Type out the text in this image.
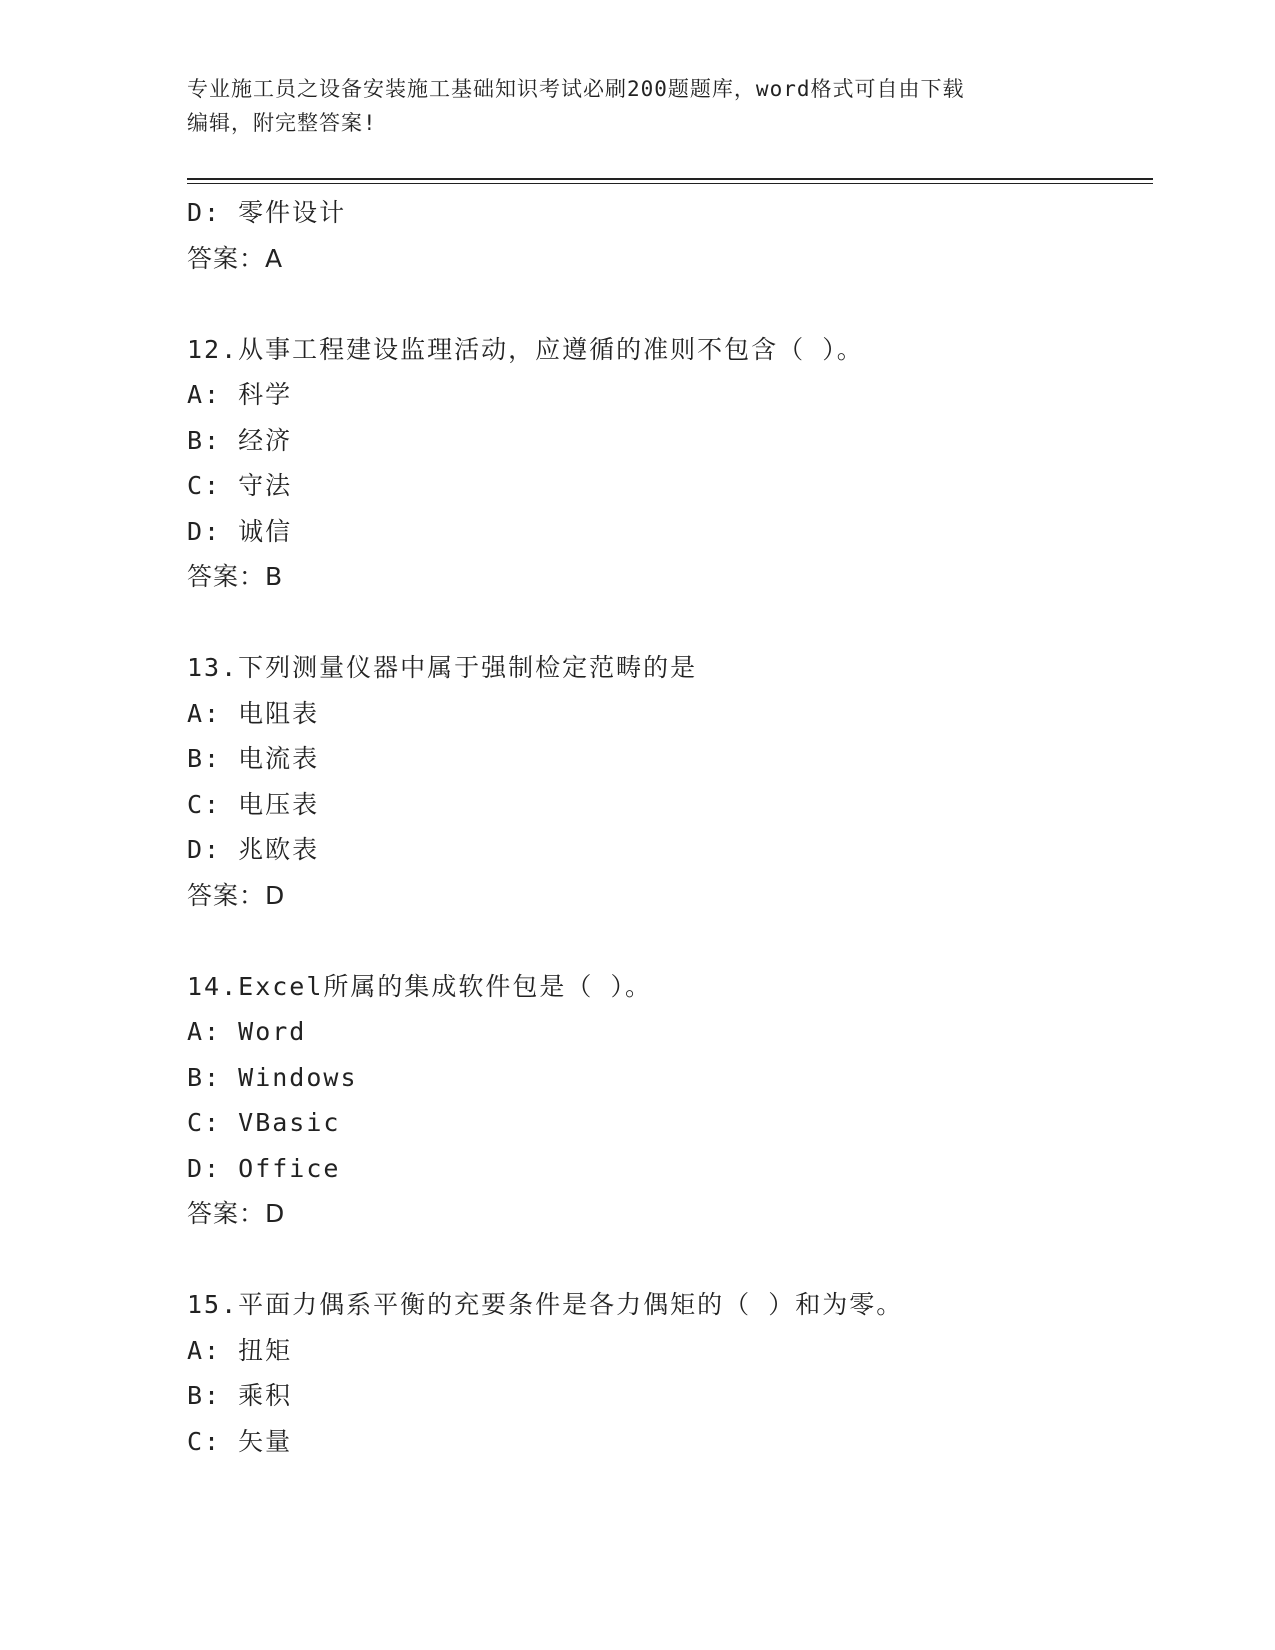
专业施工员之设备安装施工基础知识考试必刷200题题库，word格式可自由下载
编辑，附完整答案!
D: 零件设计
答案：A
12.从事工程建设监理活动，应遵循的准则不包含（ ）。
A: 科学
B: 经济
C: 守法
D: 诚信
答案：B
13.下列测量仪器中属于强制检定范畴的是
A: 电阻表
B: 电流表
C: 电压表
D: 兆欧表
答案：D
14.Excel所属的集成软件包是（ ）。
A: Word
B: Windows
C: VBasic
D: Office
答案：D
15.平面力偶系平衡的充要条件是各力偶矩的（ ）和为零。
A: 扭矩
B: 乘积
C: 矢量
